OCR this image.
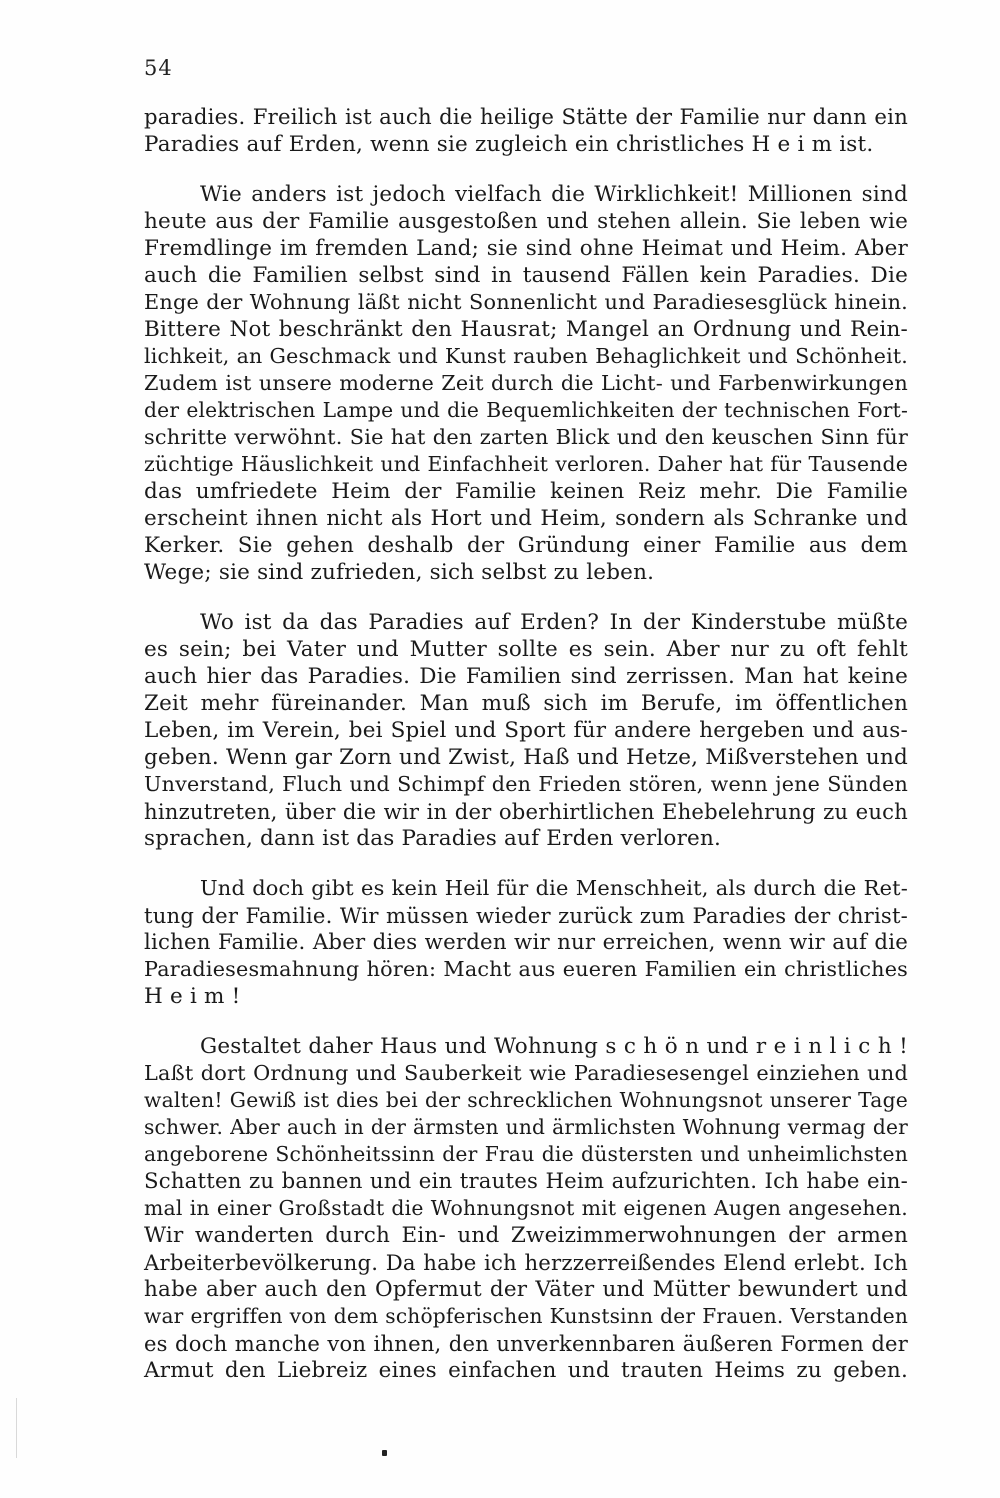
54
paradies. Freilich ist auch die heilige Stätte der Familie nur dann ein
Paradies auf Erden, wenn sie zugleich ein christliches H e i m ist.
Wie anders ist jedoch vielfach die Wirklichkeit! Millionen sind
heute aus der Familie ausgestoßen und stehen allein. Sie leben wie
Fremdlinge im fremden Land; sie sind ohne Heimat und Heim. Aber
auch die Familien selbst sind in tausend Fällen kein Paradies. Die
Enge der Wohnung läßt nicht Sonnenlicht und Paradiesesglück hinein.
Bittere Not beschränkt den Hausrat; Mangel an Ordnung und Rein-
lichkeit, an Geschmack und Kunst rauben Behaglichkeit und Schönheit.
Zudem ist unsere moderne Zeit durch die Licht- und Farbenwirkungen
der elektrischen Lampe und die Bequemlichkeiten der technischen Fort-
schritte verwöhnt. Sie hat den zarten Blick und den keuschen Sinn für
züchtige Häuslichkeit und Einfachheit verloren. Daher hat für Tausende
das umfriedete Heim der Familie keinen Reiz mehr. Die Familie
erscheint ihnen nicht als Hort und Heim, sondern als Schranke und
Kerker. Sie gehen deshalb der Gründung einer Familie aus dem
Wege; sie sind zufrieden, sich selbst zu leben.
Wo ist da das Paradies auf Erden? In der Kinderstube müßte
es sein; bei Vater und Mutter sollte es sein. Aber nur zu oft fehlt
auch hier das Paradies. Die Familien sind zerrissen. Man hat keine
Zeit mehr füreinander. Man muß sich im Berufe, im öffentlichen
Leben, im Verein, bei Spiel und Sport für andere hergeben und aus-
geben. Wenn gar Zorn und Zwist, Haß und Hetze, Mißverstehen und
Unverstand, Fluch und Schimpf den Frieden stören, wenn jene Sünden
hinzutreten, über die wir in der oberhirtlichen Ehebelehrung zu euch
sprachen, dann ist das Paradies auf Erden verloren.
Und doch gibt es kein Heil für die Menschheit, als durch die Ret-
tung der Familie. Wir müssen wieder zurück zum Paradies der christ-
lichen Familie. Aber dies werden wir nur erreichen, wenn wir auf die
Paradiesesmahnung hören: Macht aus eueren Familien ein christliches
H e i m !
Gestaltet daher Haus und Wohnung s c h ö n und r e i n l i c h !
Laßt dort Ordnung und Sauberkeit wie Paradiesesengel einziehen und
walten! Gewiß ist dies bei der schrecklichen Wohnungsnot unserer Tage
schwer. Aber auch in der ärmsten und ärmlichsten Wohnung vermag der
angeborene Schönheitssinn der Frau die düstersten und unheimlichsten
Schatten zu bannen und ein trautes Heim aufzurichten. Ich habe ein-
mal in einer Großstadt die Wohnungsnot mit eigenen Augen angesehen.
Wir wanderten durch Ein- und Zweizimmerwohnungen der armen
Arbeiterbevölkerung. Da habe ich herzzerreißendes Elend erlebt. Ich
habe aber auch den Opfermut der Väter und Mütter bewundert und
war ergriffen von dem schöpferischen Kunstsinn der Frauen. Verstanden
es doch manche von ihnen, den unverkennbaren äußeren Formen der
Armut den Liebreiz eines einfachen und trauten Heims zu geben.
